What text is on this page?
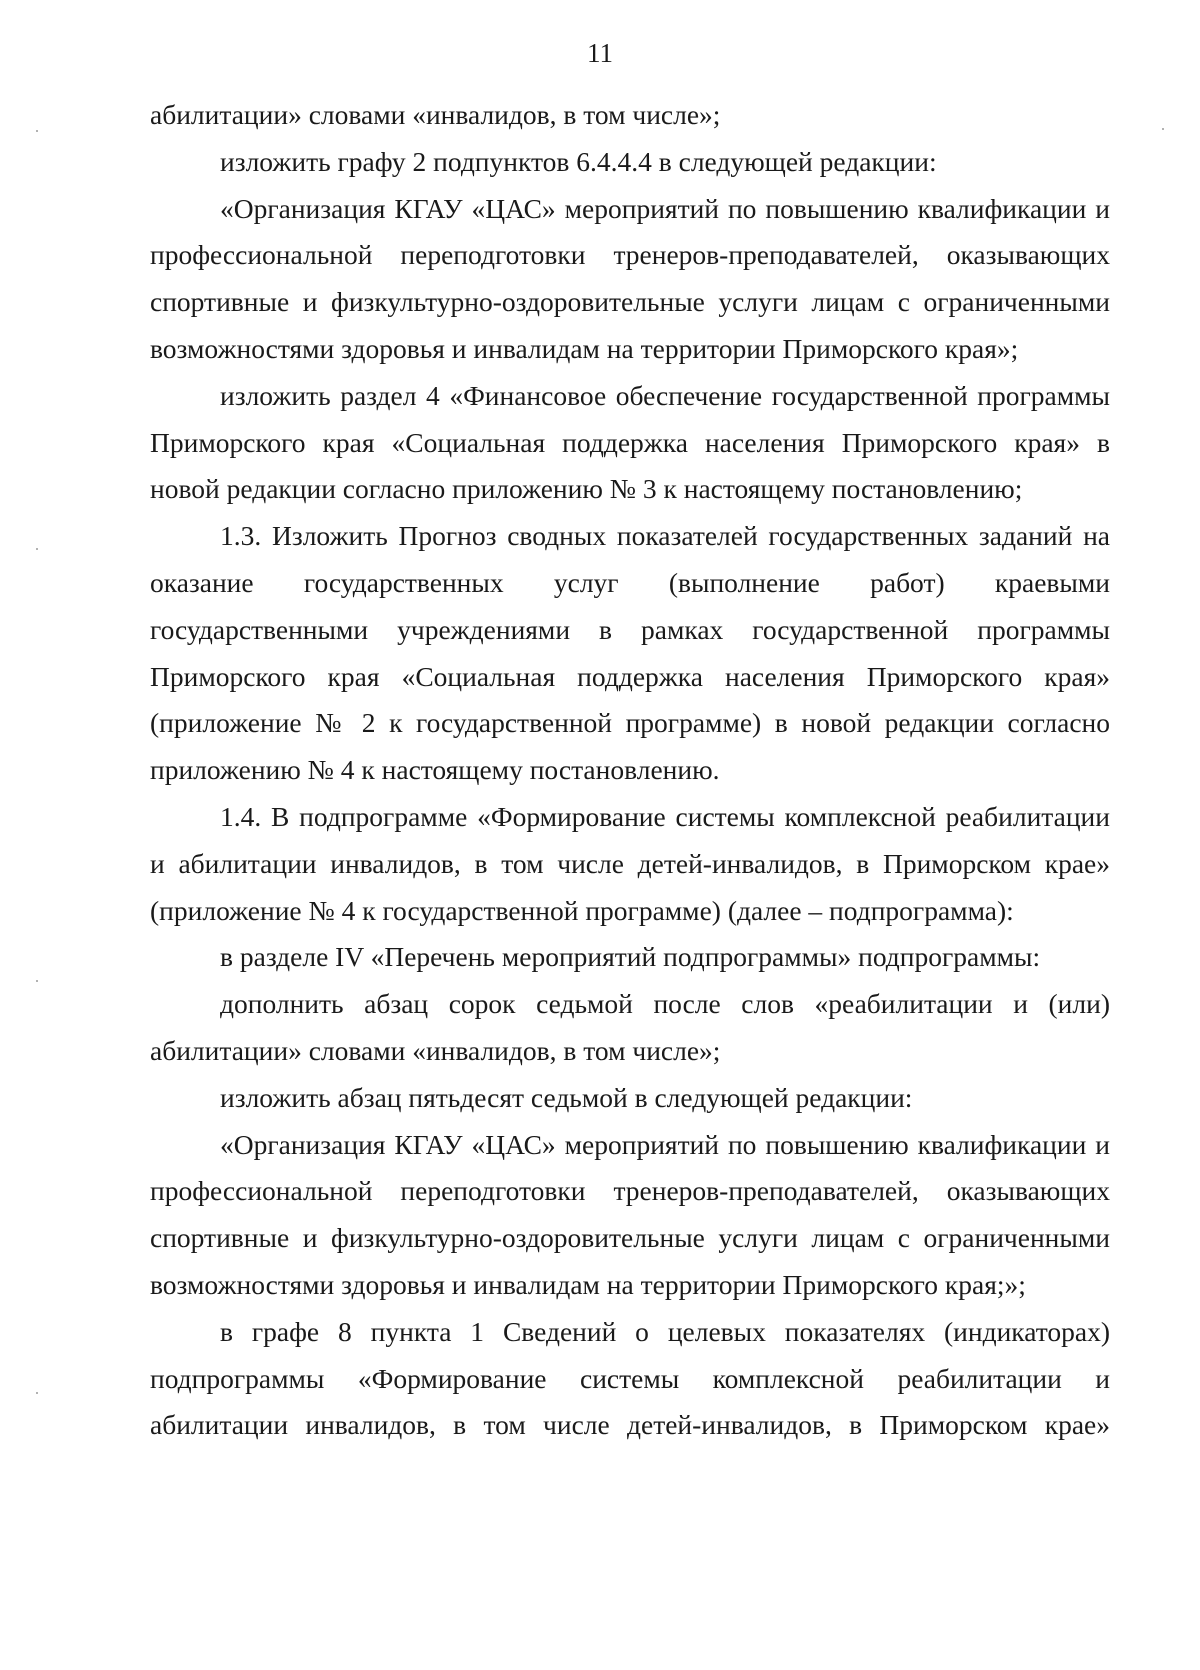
11

абилитации» словами «инвалидов, в том числе»;

изложить графу 2 подпунктов 6.4.4.4 в следующей редакции:

«Организация КГАУ «ЦАС» мероприятий по повышению квалификации и профессиональной переподготовки тренеров-преподавателей, оказывающих спортивные и физкультурно-оздоровительные услуги лицам с ограниченными возможностями здоровья и инвалидам на территории Приморского края»;

изложить раздел 4 «Финансовое обеспечение государственной программы Приморского края «Социальная поддержка населения Приморского края» в новой редакции согласно приложению № 3 к настоящему постановлению;

1.3. Изложить Прогноз сводных показателей государственных заданий на оказание государственных услуг (выполнение работ) краевыми государственными учреждениями в рамках государственной программы Приморского края «Социальная поддержка населения Приморского края» (приложение № 2 к государственной программе) в новой редакции согласно приложению № 4 к настоящему постановлению.

1.4. В подпрограмме «Формирование системы комплексной реабилитации и абилитации инвалидов, в том числе детей-инвалидов, в Приморском крае» (приложение № 4 к государственной программе) (далее – подпрограмма):

в разделе IV «Перечень мероприятий подпрограммы» подпрограммы:

дополнить абзац сорок седьмой после слов «реабилитации и (или) абилитации» словами «инвалидов, в том числе»;

изложить абзац пятьдесят седьмой в следующей редакции:

«Организация КГАУ «ЦАС» мероприятий по повышению квалификации и профессиональной переподготовки тренеров-преподавателей, оказывающих спортивные и физкультурно-оздоровительные услуги лицам с ограниченными возможностями здоровья и инвалидам на территории Приморского края;»;

в графе 8 пункта 1 Сведений о целевых показателях (индикаторах) подпрограммы «Формирование системы комплексной реабилитации и абилитации инвалидов, в том числе детей-инвалидов, в Приморском крае»
